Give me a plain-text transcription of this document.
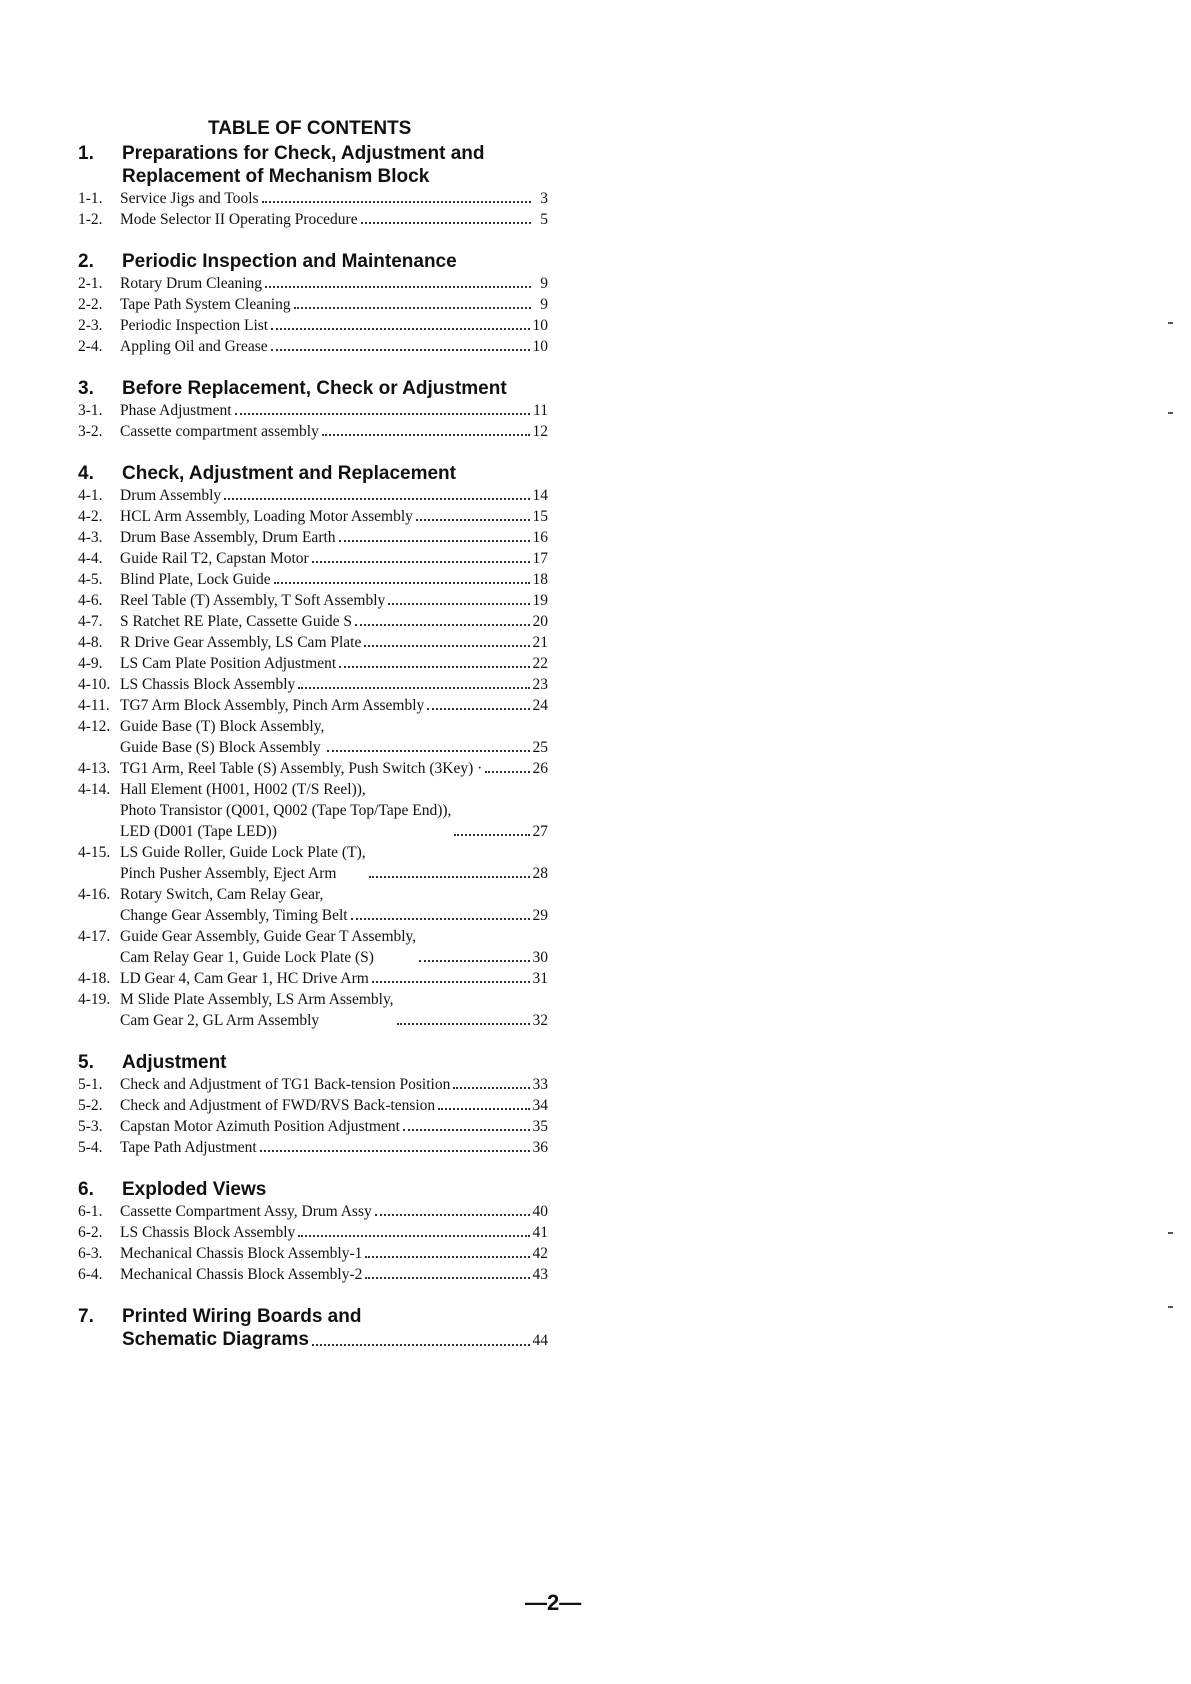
TABLE OF CONTENTS
1.	Preparations for Check, Adjustment and
Replacement of Mechanism Block
1-1.	Service Jigs and Tools	3
1-2.	Mode Selector II Operating Procedure	5
2.	Periodic Inspection and Maintenance
2-1.	Rotary Drum Cleaning	9
2-2.	Tape Path System Cleaning	9
2-3.	Periodic Inspection List	10
2-4.	Appling Oil and Grease	10
3.	Before Replacement, Check or Adjustment
3-1.	Phase Adjustment	11
3-2.	Cassette compartment assembly	12
4.	Check, Adjustment and Replacement
4-1.	Drum Assembly	14
4-2.	HCL Arm Assembly, Loading Motor Assembly	15
4-3.	Drum Base Assembly, Drum Earth	16
4-4.	Guide Rail T2, Capstan Motor	17
4-5.	Blind Plate, Lock Guide	18
4-6.	Reel Table (T) Assembly, T Soft Assembly	19
4-7.	S Ratchet RE Plate, Cassette Guide S	20
4-8.	R Drive Gear Assembly, LS Cam Plate	21
4-9.	LS Cam Plate Position Adjustment	22
4-10. LS Chassis Block Assembly	23
4-11. TG7 Arm Block Assembly, Pinch Arm Assembly	24
4-12. Guide Base (T) Block Assembly,
Guide Base (S) Block Assembly	25
4-13. TG1 Arm, Reel Table (S) Assembly, Push Switch (3Key) ·	26
4-14. Hall Element (H001, H002 (T/S Reel)),
Photo Transistor (Q001, Q002 (Tape Top/Tape End)),
LED (D001 (Tape LED))	27
4-15. LS Guide Roller, Guide Lock Plate (T),
Pinch Pusher Assembly, Eject Arm	28
4-16. Rotary Switch, Cam Relay Gear,
Change Gear Assembly, Timing Belt	29
4-17. Guide Gear Assembly, Guide Gear T Assembly,
Cam Relay Gear 1, Guide Lock Plate (S)	30
4-18. LD Gear 4, Cam Gear 1, HC Drive Arm	31
4-19. M Slide Plate Assembly, LS Arm Assembly,
Cam Gear 2, GL Arm Assembly	32
5.	Adjustment
5-1.	Check and Adjustment of TG1 Back-tension Position	33
5-2.	Check and Adjustment of FWD/RVS Back-tension	34
5-3.	Capstan Motor Azimuth Position Adjustment	35
5-4.	Tape Path Adjustment	36
6.	Exploded Views
6-1.	Cassette Compartment Assy, Drum Assy	40
6-2.	LS Chassis Block Assembly	41
6-3.	Mechanical Chassis Block Assembly-1	42
6-4.	Mechanical Chassis Block Assembly-2	43
7.	Printed Wiring Boards and
Schematic Diagrams	44
—2—
